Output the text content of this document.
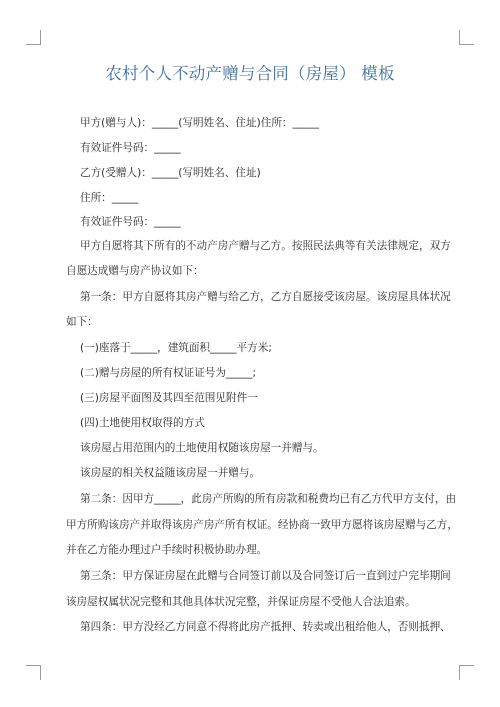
农村个人不动产赠与合同（房屋） 模板
甲方(赠与人)：_____(写明姓名、住址)住所：_____
有效证件号码：_____
乙方(受赠人)：_____(写明姓名、住址)
住所：_____
有效证件号码：_____
甲方自愿将其下所有的不动产房产赠与乙方。按照民法典等有关法律规定，双方
自愿达成赠与房产协议如下：
第一条：甲方自愿将其房产赠与给乙方，乙方自愿接受该房屋。该房屋具体状况
如下：
(一)座落于_____，建筑面积_____平方米;
(二)赠与房屋的所有权证证号为_____;
(三)房屋平面图及其四至范围见附件一
(四)土地使用权取得的方式
该房屋占用范围内的土地使用权随该房屋一并赠与。
该房屋的相关权益随该房屋一并赠与。
第二条：因甲方_____，此房产所购的所有房款和税费均已有乙方代甲方支付，由
甲方所购该房产并取得该房产房产所有权证。经协商一致甲方愿将该房屋赠与乙方，
并在乙方能办理过户手续时积极协助办理。
第三条：甲方保证房屋在此赠与合同签订前以及合同签订后一直到过户完毕期间
该房屋权属状况完整和其他具体状况完整，并保证房屋不受他人合法追索。
第四条：甲方没经乙方同意不得将此房产抵押、转卖或出租给他人，否则抵押、
